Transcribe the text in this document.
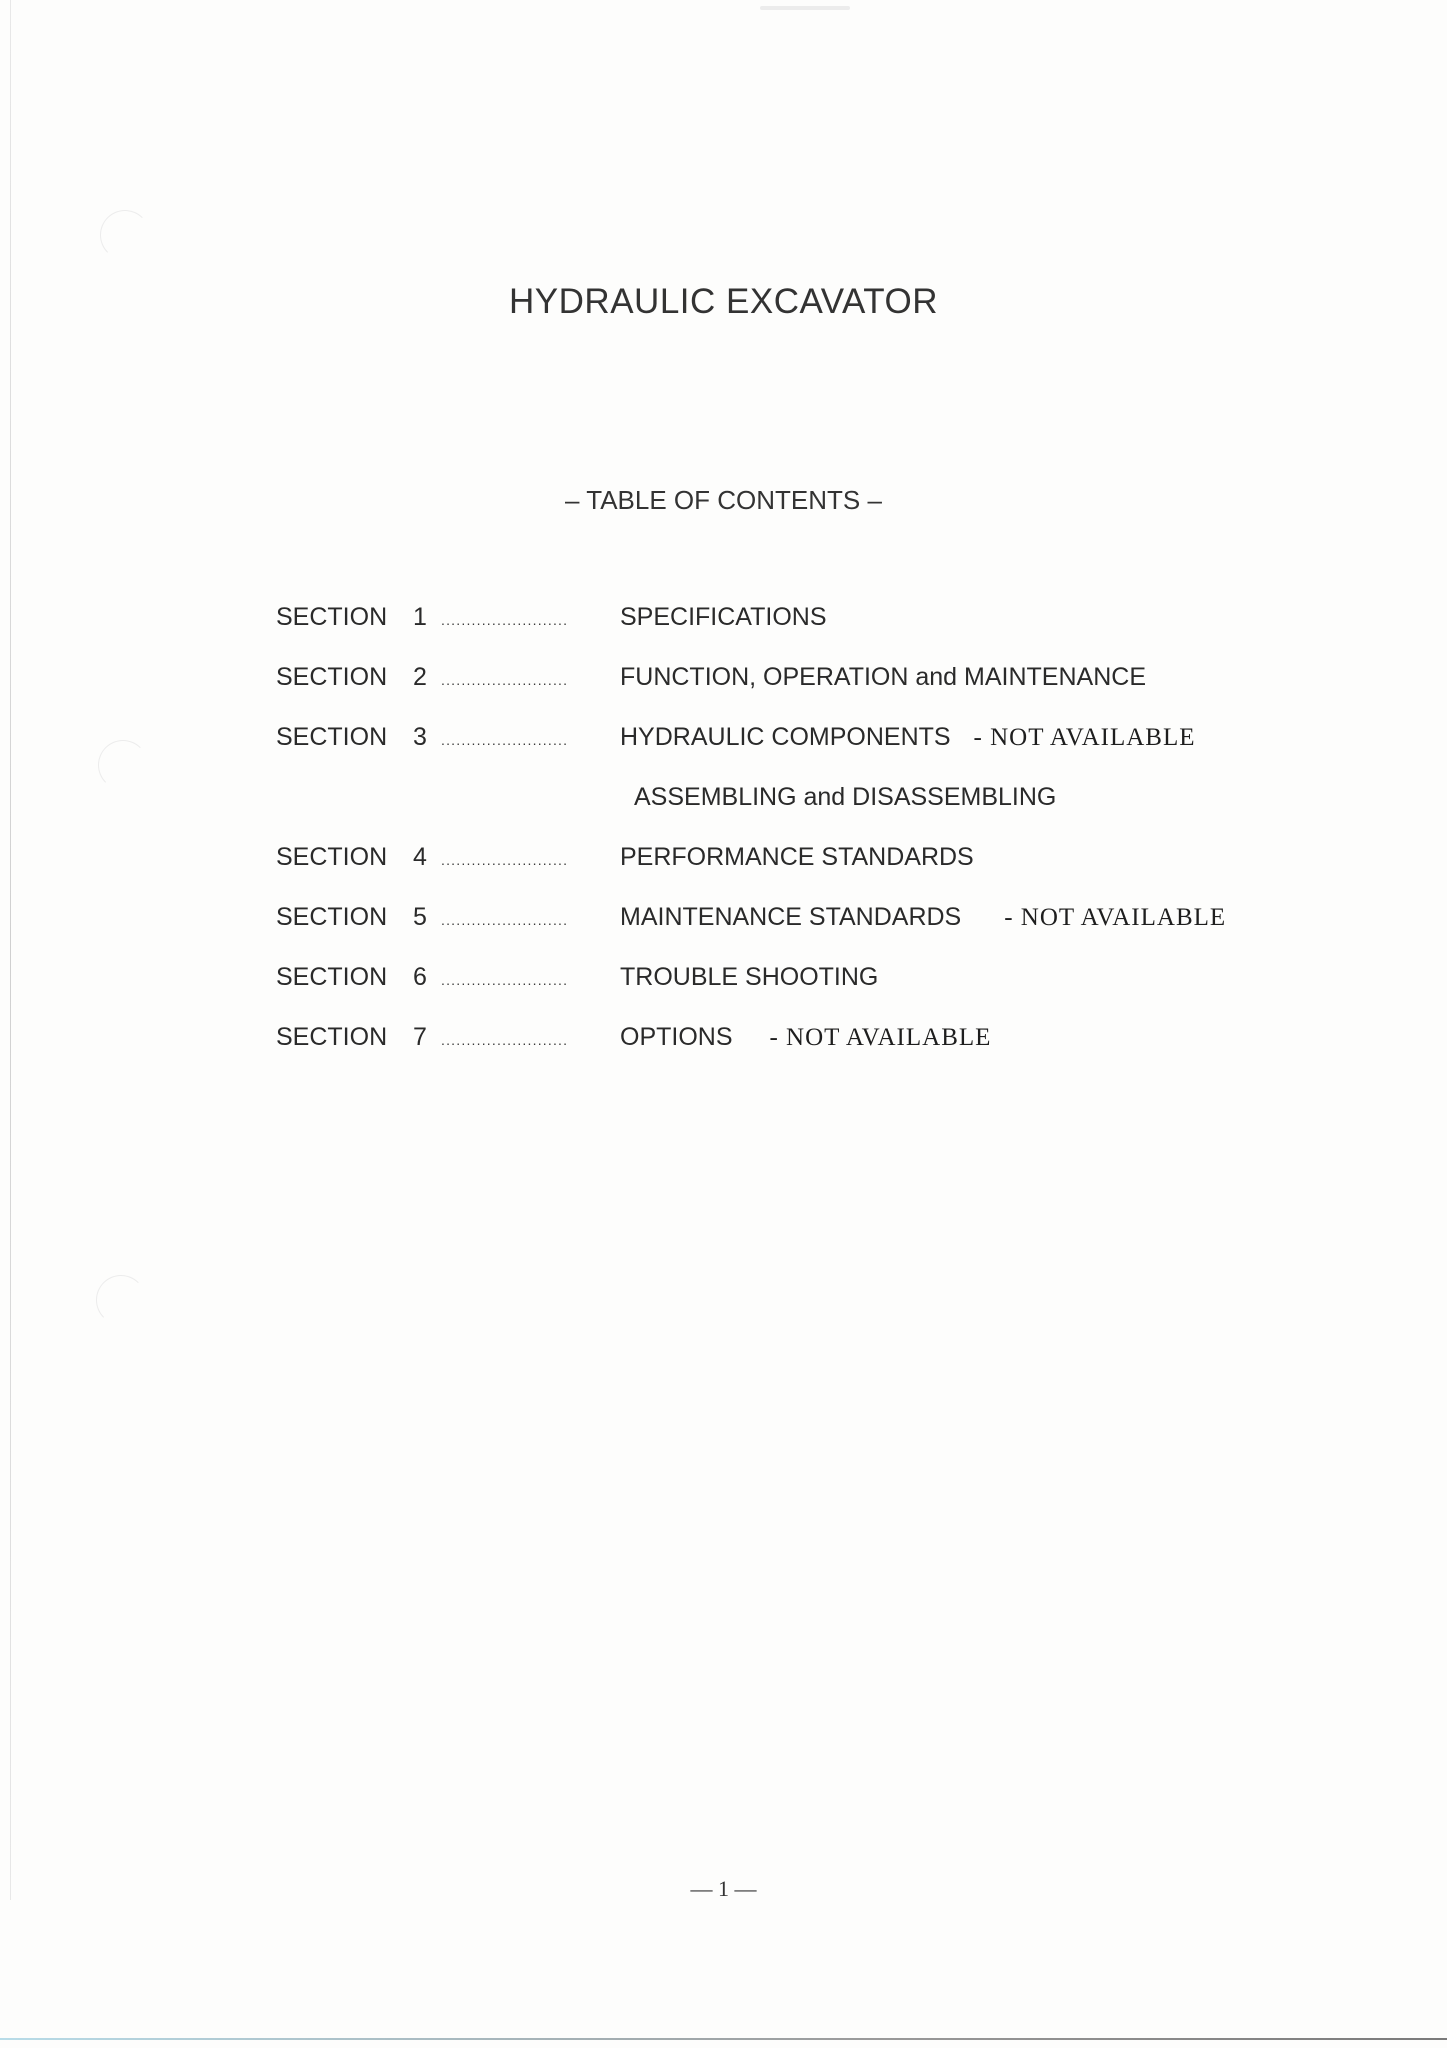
HYDRAULIC EXCAVATOR
– TABLE OF CONTENTS –
SECTION	1	.........................	SPECIFICATIONS
SECTION	2	.........................	FUNCTION, OPERATION and MAINTENANCE
SECTION	3	.........................	HYDRAULIC COMPONENTS - NOT AVAILABLE
ASSEMBLING and DISASSEMBLING
SECTION	4	.........................	PERFORMANCE STANDARDS
SECTION	5	.........................	MAINTENANCE STANDARDS - NOT AVAILABLE
SECTION	6	.........................	TROUBLE SHOOTING
SECTION	7	.........................	OPTIONS - NOT AVAILABLE
— 1 —
